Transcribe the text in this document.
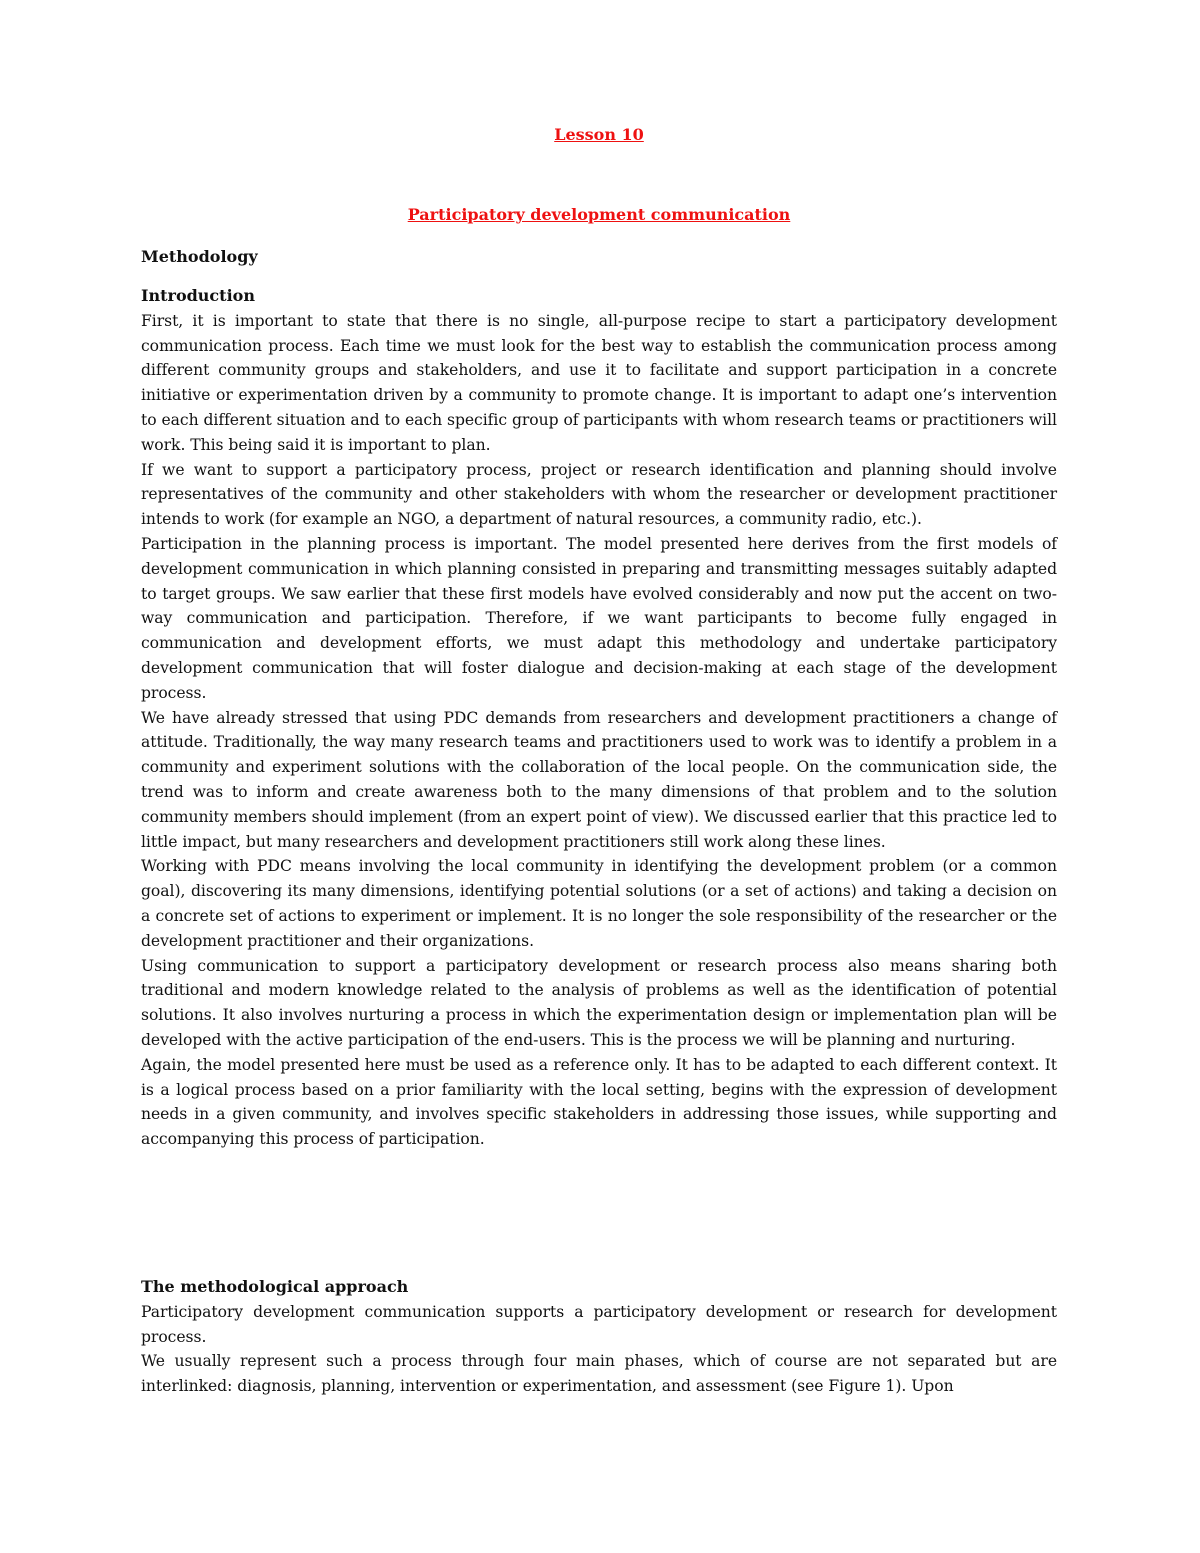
Lesson 10
Participatory development communication
Methodology
Introduction

First, it is important to state that there is no single, all-purpose recipe to start a participatory development communication process. Each time we must look for the best way to establish the communication process among different community groups and stakeholders, and use it to facilitate and support participation in a concrete initiative or experimentation driven by a community to promote change. It is important to adapt one’s intervention to each different situation and to each specific group of participants with whom research teams or practitioners will work. This being said it is important to plan.

If we want to support a participatory process, project or research identification and planning should involve representatives of the community and other stakeholders with whom the researcher or development practitioner intends to work (for example an NGO, a department of natural resources, a community radio, etc.).

Participation in the planning process is important. The model presented here derives from the first models of development communication in which planning consisted in preparing and transmitting messages suitably adapted to target groups. We saw earlier that these first models have evolved considerably and now put the accent on two-way communication and participation. Therefore, if we want participants to become fully engaged in communication and development efforts, we must adapt this methodology and undertake participatory development communication that will foster dialogue and decision-making at each stage of the development process.

We have already stressed that using PDC demands from researchers and development practitioners a change of attitude. Traditionally, the way many research teams and practitioners used to work was to identify a problem in a community and experiment solutions with the collaboration of the local people. On the communication side, the trend was to inform and create awareness both to the many dimensions of that problem and to the solution community members should implement (from an expert point of view). We discussed earlier that this practice led to little impact, but many researchers and development practitioners still work along these lines.

Working with PDC means involving the local community in identifying the development problem (or a common goal), discovering its many dimensions, identifying potential solutions (or a set of actions) and taking a decision on a concrete set of actions to experiment or implement. It is no longer the sole responsibility of the researcher or the development practitioner and their organizations.

Using communication to support a participatory development or research process also means sharing both traditional and modern knowledge related to the analysis of problems as well as the identification of potential solutions. It also involves nurturing a process in which the experimentation design or implementation plan will be developed with the active participation of the end-users. This is the process we will be planning and nurturing.

Again, the model presented here must be used as a reference only. It has to be adapted to each different context. It is a logical process based on a prior familiarity with the local setting, begins with the expression of development needs in a given community, and involves specific stakeholders in addressing those issues, while supporting and accompanying this process of participation.

The methodological approach

Participatory development communication supports a participatory development or research for development process.

We usually represent such a process through four main phases, which of course are not separated but are interlinked: diagnosis, planning, intervention or experimentation, and assessment (see Figure 1). Upon
